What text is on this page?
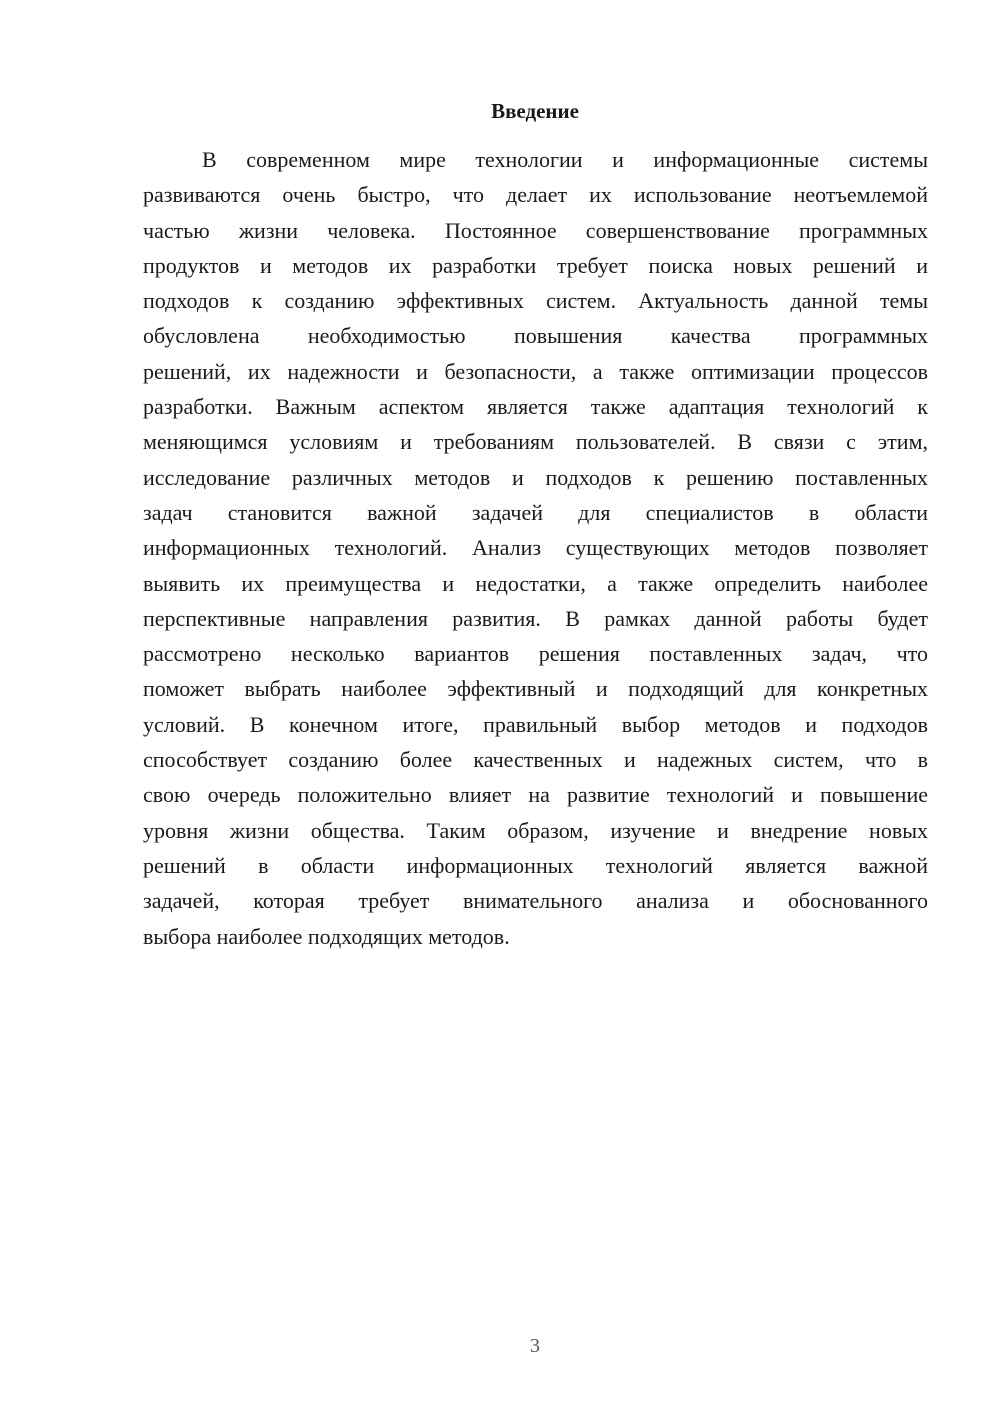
Введение
В современном мире технологии и информационные системы
развиваются очень быстро, что делает их использование неотъемлемой
частью жизни человека. Постоянное совершенствование программных
продуктов и методов их разработки требует поиска новых решений и
подходов к созданию эффективных систем. Актуальность данной темы
обусловлена необходимостью повышения качества программных
решений, их надежности и безопасности, а также оптимизации процессов
разработки. Важным аспектом является также адаптация технологий к
меняющимся условиям и требованиям пользователей. В связи с этим,
исследование различных методов и подходов к решению поставленных
задач становится важной задачей для специалистов в области
информационных технологий. Анализ существующих методов позволяет
выявить их преимущества и недостатки, а также определить наиболее
перспективные направления развития. В рамках данной работы будет
рассмотрено несколько вариантов решения поставленных задач, что
поможет выбрать наиболее эффективный и подходящий для конкретных
условий. В конечном итоге, правильный выбор методов и подходов
способствует созданию более качественных и надежных систем, что в
свою очередь положительно влияет на развитие технологий и повышение
уровня жизни общества. Таким образом, изучение и внедрение новых
решений в области информационных технологий является важной
задачей, которая требует внимательного анализа и обоснованного
выбора наиболее подходящих методов.
3
